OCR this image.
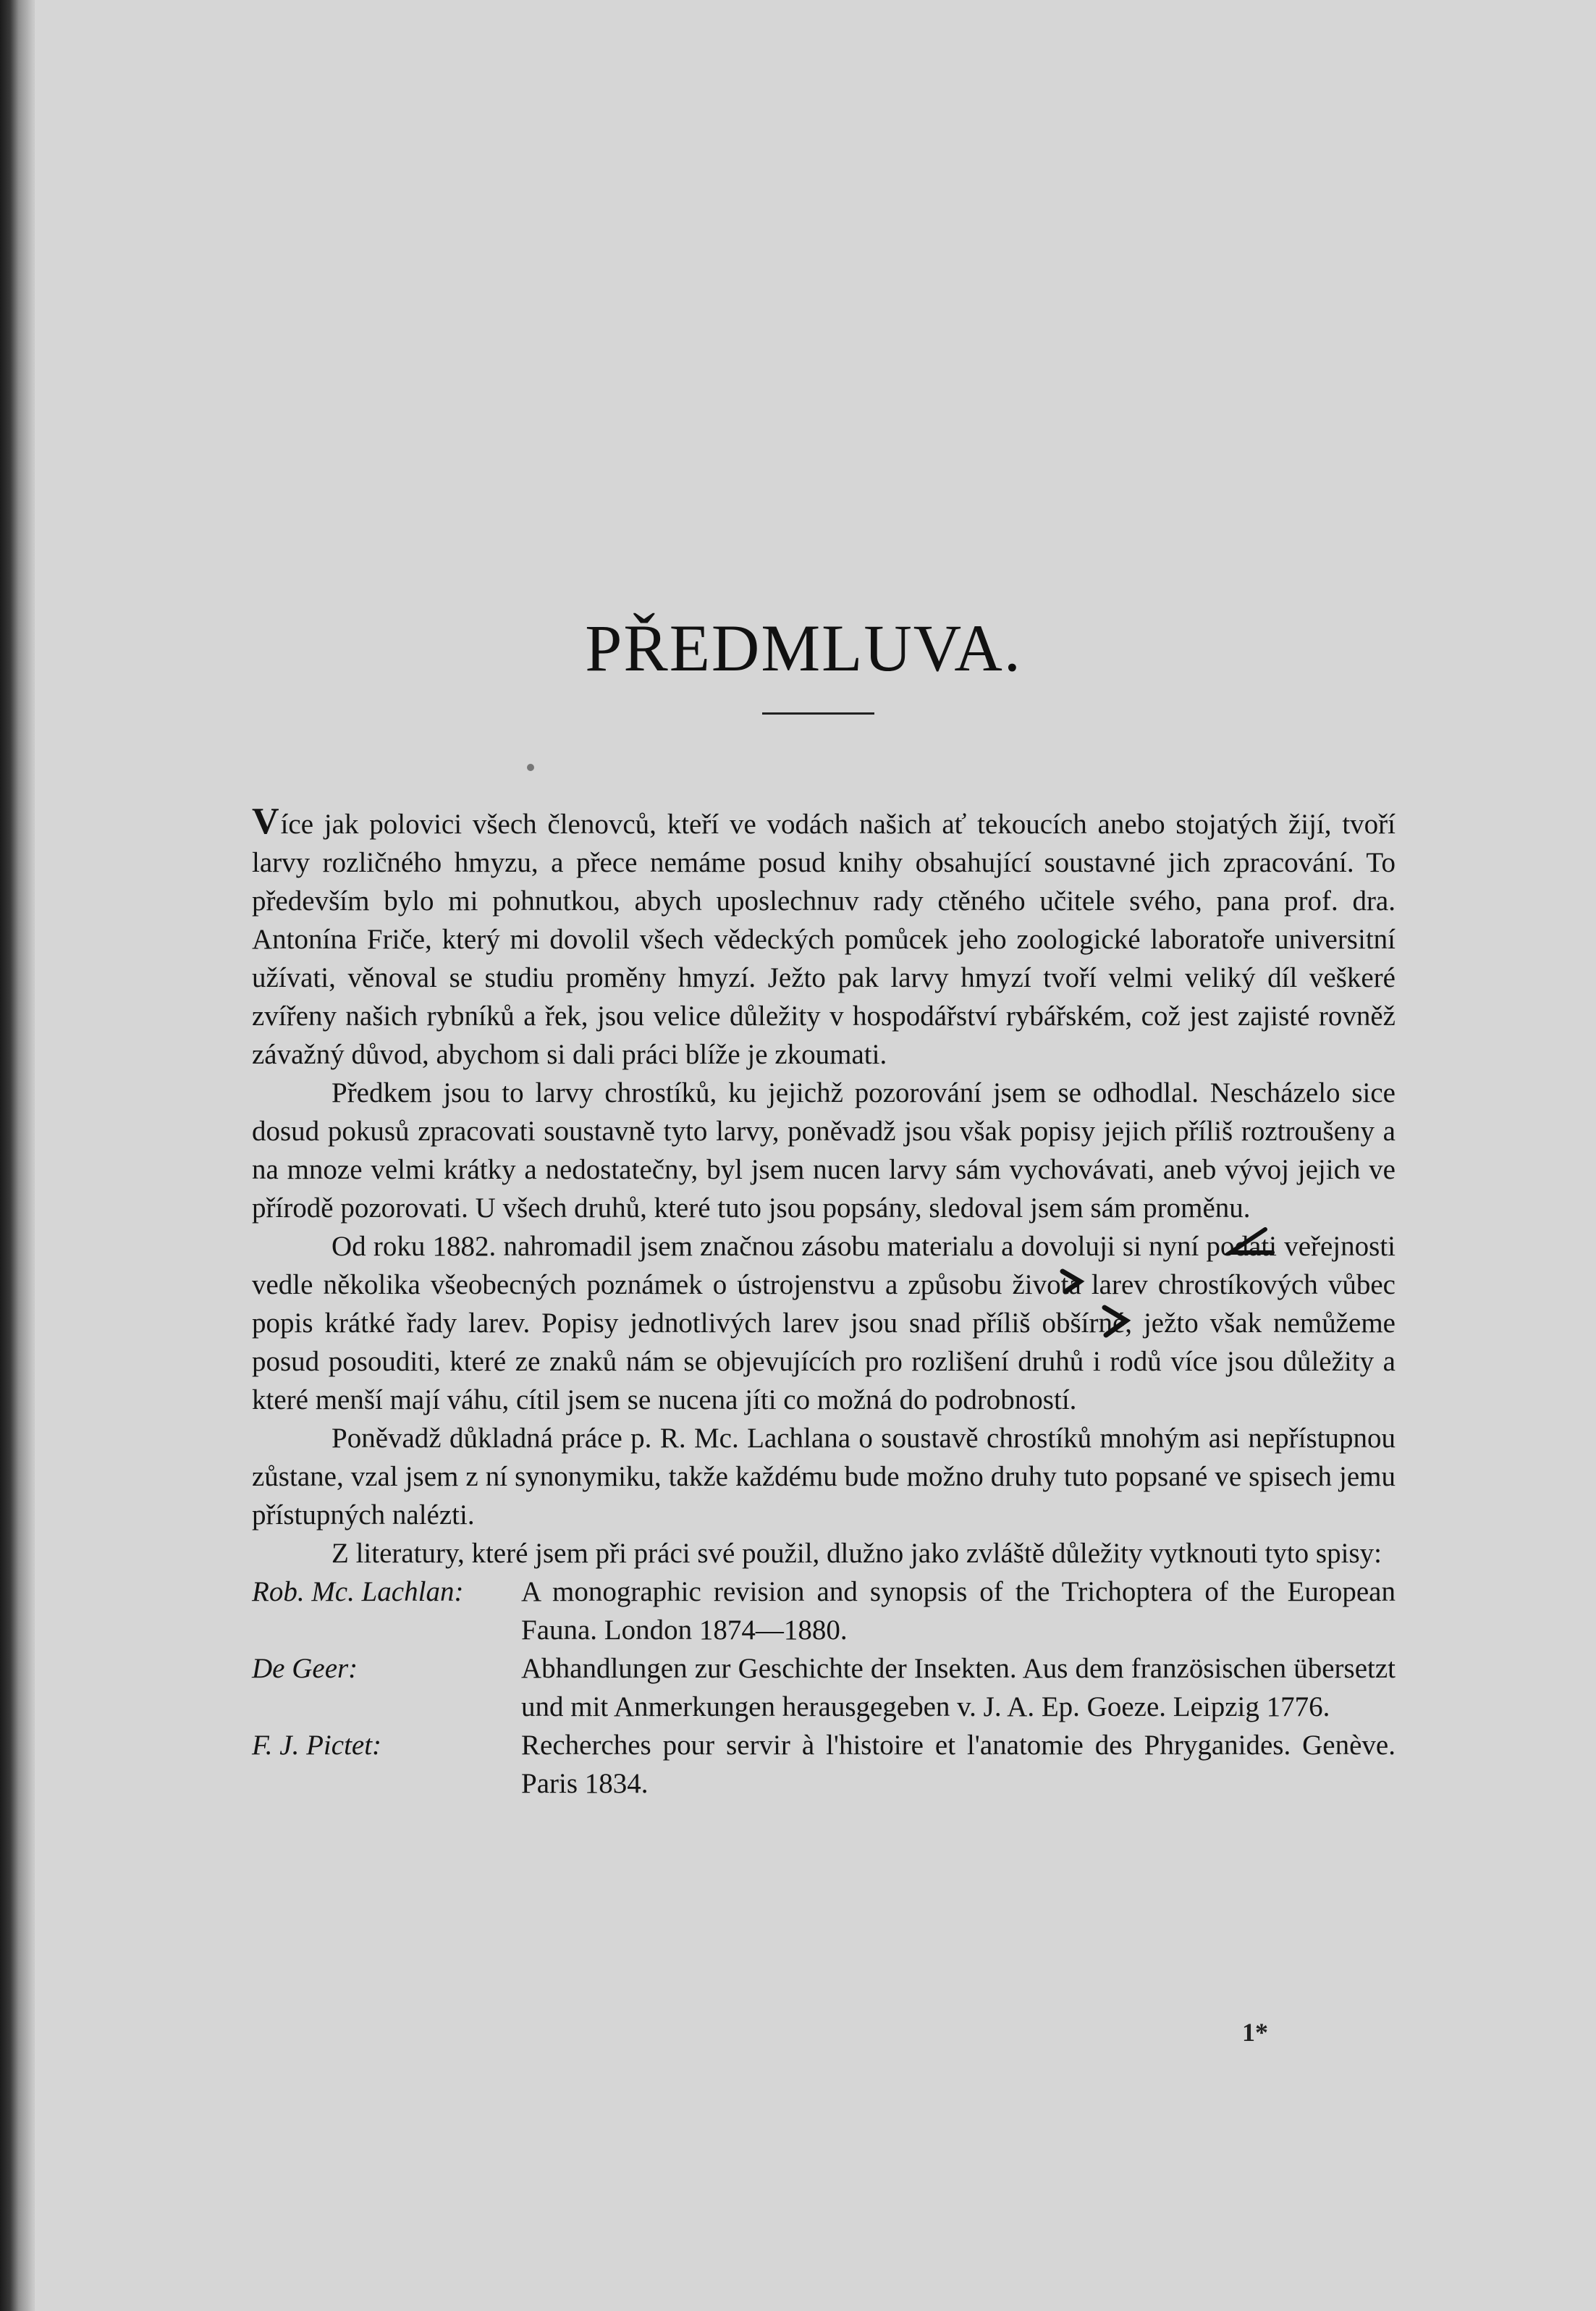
PŘEDMLUVA.

Více jak polovici všech členovců, kteří ve vodách našich ať tekoucích anebo stojatých žijí, tvoří larvy rozličného hmyzu, a přece nemáme posud knihy obsahující soustavné jich zpracování. To především bylo mi pohnutkou, abych uposlechnuv rady ctěného učitele svého, pana prof. dra. Antonína Friče, který mi dovolil všech vědeckých pomůcek jeho zoologické laboratoře universitní užívati, věnoval se studiu proměny hmyzí. Ježto pak larvy hmyzí tvoří velmi veliký díl veškeré zvířeny našich rybníků a řek, jsou velice důležity v hospodářství rybářském, což jest zajisté rovněž závažný důvod, abychom si dali práci blíže je zkoumati.

Předkem jsou to larvy chrostíků, ku jejichž pozorování jsem se odhodlal. Nescházelo sice dosud pokusů zpracovati soustavně tyto larvy, poněvadž jsou však popisy jejich příliš roztroušeny a na mnoze velmi krátky a nedostatečny, byl jsem nucen larvy sám vychovávati, aneb vývoj jejich ve přírodě pozorovati. U všech druhů, které tuto jsou popsány, sledoval jsem sám proměnu.

Od roku 1882. nahromadil jsem značnou zásobu materialu a dovoluji si nyní podati veřejnosti vedle několika všeobecných poznámek o ústrojenstvu a způsobu života larev chrostíkových vůbec popis krátké řady larev. Popisy jednotlivých larev jsou snad příliš obšírné, ježto však nemůžeme posud posouditi, které ze znaků nám se objevujících pro rozlišení druhů i rodů více jsou důležity a které menší mají váhu, cítil jsem se nucena jíti co možná do podrobností.

Poněvadž důkladná práce p. R. Mc. Lachlana o soustavě chrostíků mnohým asi nepřístupnou zůstane, vzal jsem z ní synonymiku, takže každému bude možno druhy tuto popsané ve spisech jemu přístupných nalézti.

Z literatury, které jsem při práci své použil, dlužno jako zvláště důležity vytknouti tyto spisy:

Rob. Mc. Lachlan:	A monographic revision and synopsis of the Trichoptera of the European Fauna. London 1874—1880.
De Geer:	Abhandlungen zur Geschichte der Insekten. Aus dem französischen übersetzt und mit Anmerkungen herausgegeben v. J. A. Ep. Goeze. Leipzig 1776.
F. J. Pictet:	Recherches pour servir à l'histoire et l'anatomie des Phryganides. Genève. Paris 1834.
1*
